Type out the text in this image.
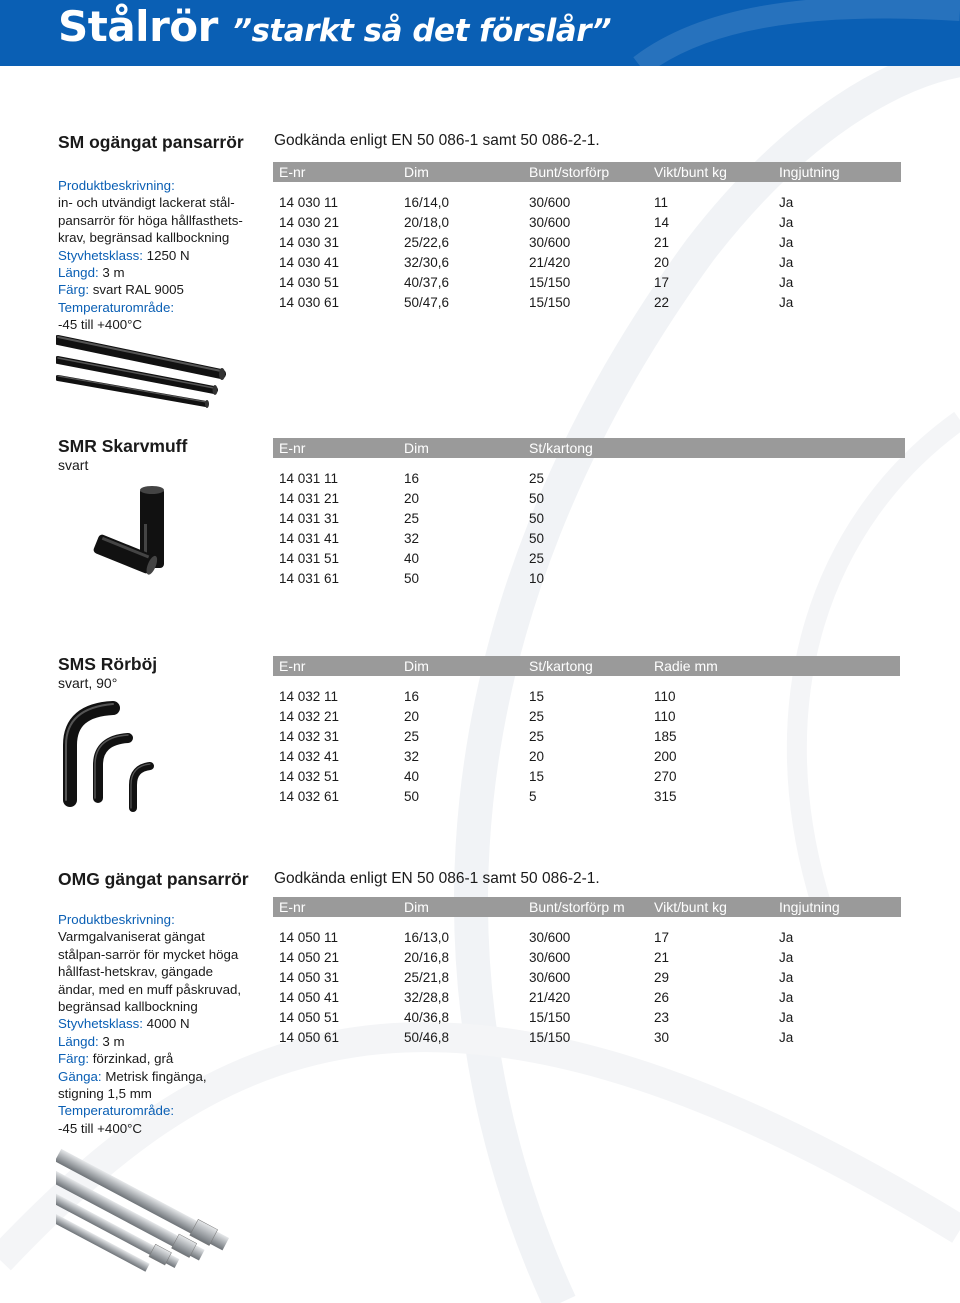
Stålrör ”starkt så det förslår”
SM ogängat pansarrör Godkända enligt EN 50 086-1 samt 50 086-2-1.
Produktbeskrivning:
in- och utvändigt lackerat stål-pansarrör för höga hållfasthets-krav, begränsad kallbockning
Styvhetsklass: 1250 N
Längd: 3 m
Färg: svart RAL 9005
Temperaturområde:
-45 till +400°C
E-nr	Dim	Bunt/storförp	Vikt/bunt kg	Ingjutning

14 030 11	16/14,0	30/600	11	Ja
14 030 21	20/18,0	30/600	14	Ja
14 030 31	25/22,6	30/600	21	Ja
14 030 41	32/30,6	21/420	20	Ja
14 030 51	40/37,6	15/150	17	Ja
14 030 61	50/47,6	15/150	22	Ja
SMR Skarvmuff
svart
E-nr	Dim	St/kartong

14 031 11	16	25
14 031 21	20	50
14 031 31	25	50
14 031 41	32	50
14 031 51	40	25
14 031 61	50	10
SMS Rörböj
svart, 90°
E-nr	Dim	St/kartong	Radie mm

14 032 11	16	15	110
14 032 21	20	25	110
14 032 31	25	25	185
14 032 41	32	20	200
14 032 51	40	15	270
14 032 61	50	5	315
OMG gängat pansarrör Godkända enligt EN 50 086-1 samt 50 086-2-1.
Produktbeskrivning:
Varmgalvaniserat gängat stålpan-sarrör för mycket höga hållfast-hetskrav, gängade ändar, med en muff påskruvad, begränsad kallbockning
Styvhetsklass: 4000 N
Längd: 3 m
Färg: förzinkad, grå
Gänga: Metrisk fingänga, stigning 1,5 mm
Temperaturområde:
-45 till +400°C
E-nr	Dim	Bunt/storförp m	Vikt/bunt kg	Ingjutning

14 050 11	16/13,0	30/600	17	Ja
14 050 21	20/16,8	30/600	21	Ja
14 050 31	25/21,8	30/600	29	Ja
14 050 41	32/28,8	21/420	26	Ja
14 050 51	40/36,8	15/150	23	Ja
14 050 61	50/46,8	15/150	30	Ja
